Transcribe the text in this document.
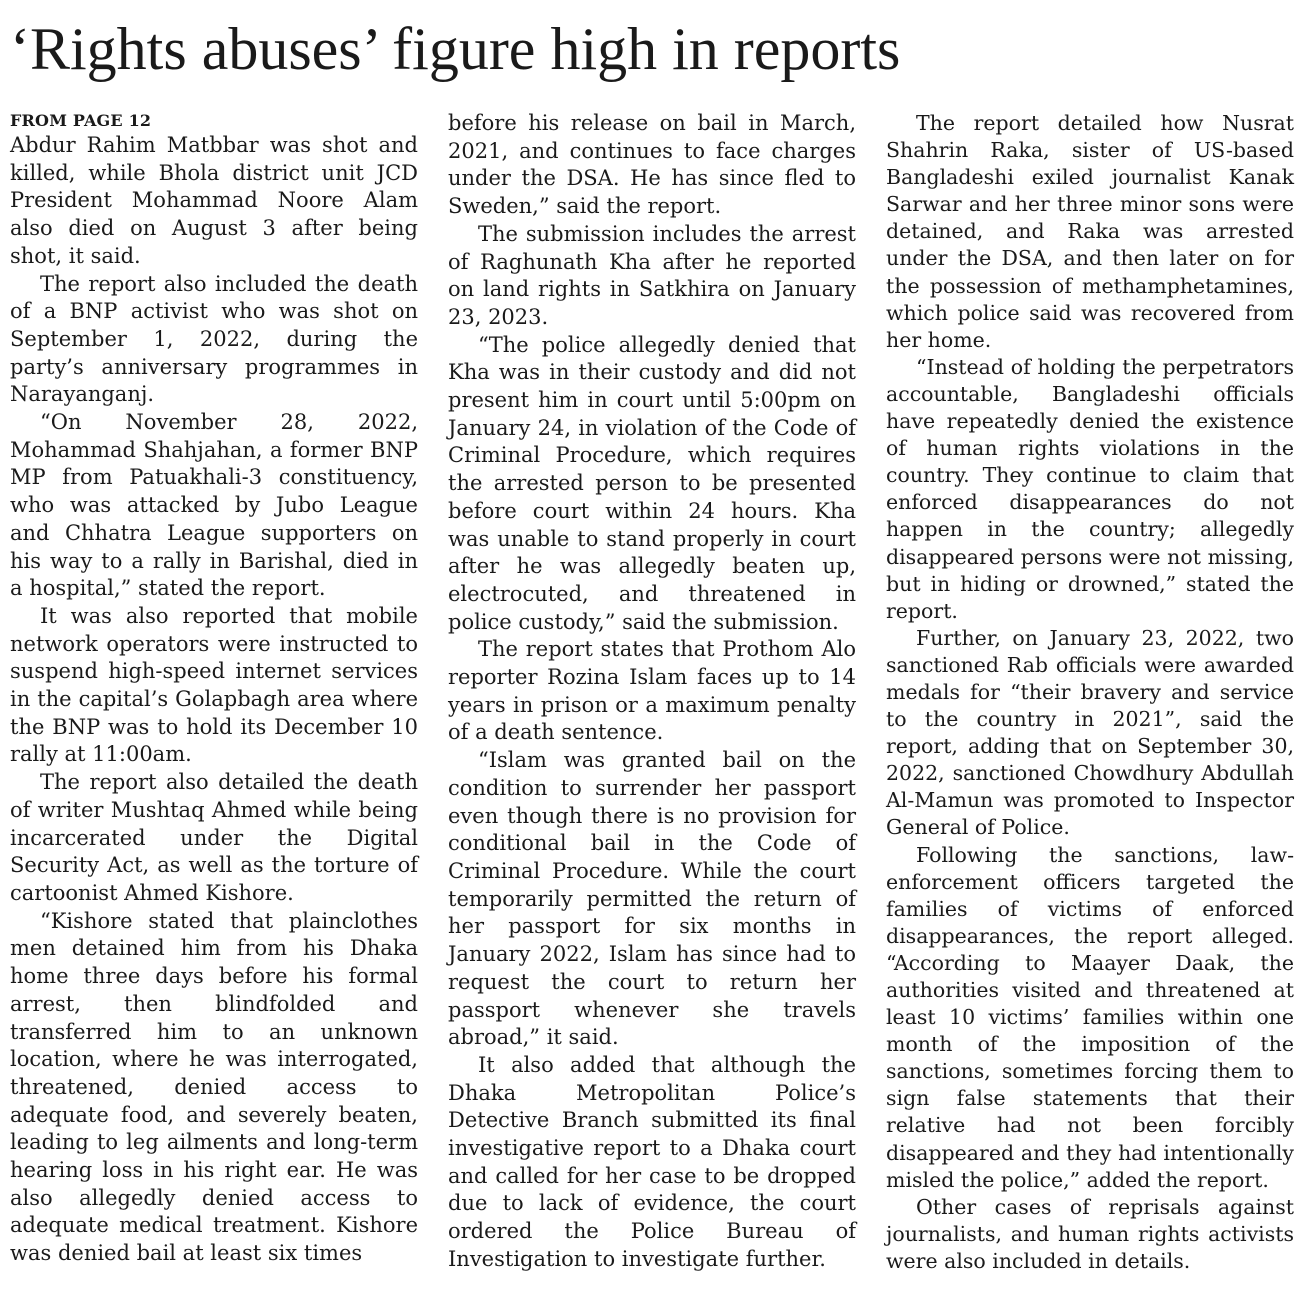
‘Rights abuses’ figure high in reports
FROM PAGE 12

Abdur Rahim Matbbar was shot and killed, while Bhola district unit JCD President Mohammad Noore Alam also died on August 3 after being shot, it said.

The report also included the death of a BNP activist who was shot on September 1, 2022, during the party’s anniversary programmes in Narayanganj.

“On November 28, 2022, Mohammad Shahjahan, a former BNP MP from Patuakhali-3 constituency, who was attacked by Jubo League and Chhatra League supporters on his way to a rally in Barishal, died in a hospital,” stated the report.

It was also reported that mobile network operators were instructed to suspend high-speed internet services in the capital’s Golapbagh area where the BNP was to hold its December 10 rally at 11:00am.

The report also detailed the death of writer Mushtaq Ahmed while being incarcerated under the Digital Security Act, as well as the torture of cartoonist Ahmed Kishore.

“Kishore stated that plainclothes men detained him from his Dhaka home three days before his formal arrest, then blindfolded and transferred him to an unknown location, where he was interrogated, threatened, denied access to adequate food, and severely beaten, leading to leg ailments and long-term hearing loss in his right ear. He was also allegedly denied access to adequate medical treatment. Kishore was denied bail at least six times

before his release on bail in March, 2021, and continues to face charges under the DSA. He has since fled to Sweden,” said the report.

The submission includes the arrest of Raghunath Kha after he reported on land rights in Satkhira on January 23, 2023.

“The police allegedly denied that Kha was in their custody and did not present him in court until 5:00pm on January 24, in violation of the Code of Criminal Procedure, which requires the arrested person to be presented before court within 24 hours. Kha was unable to stand properly in court after he was allegedly beaten up, electrocuted, and threatened in police custody,” said the submission.

The report states that Prothom Alo reporter Rozina Islam faces up to 14 years in prison or a maximum penalty of a death sentence.

“Islam was granted bail on the condition to surrender her passport even though there is no provision for conditional bail in the Code of Criminal Procedure. While the court temporarily permitted the return of her passport for six months in January 2022, Islam has since had to request the court to return her passport whenever she travels abroad,” it said.

It also added that although the Dhaka Metropolitan Police’s Detective Branch submitted its final investigative report to a Dhaka court and called for her case to be dropped due to lack of evidence, the court ordered the Police Bureau of Investigation to investigate further.

The report detailed how Nusrat Shahrin Raka, sister of US-based Bangladeshi exiled journalist Kanak Sarwar and her three minor sons were detained, and Raka was arrested under the DSA, and then later on for the possession of methamphetamines, which police said was recovered from her home.

“Instead of holding the perpetrators accountable, Bangladeshi officials have repeatedly denied the existence of human rights violations in the country. They continue to claim that enforced disappearances do not happen in the country; allegedly disappeared persons were not missing, but in hiding or drowned,” stated the report.

Further, on January 23, 2022, two sanctioned Rab officials were awarded medals for “their bravery and service to the country in 2021”, said the report, adding that on September 30, 2022, sanctioned Chowdhury Abdullah Al-Mamun was promoted to Inspector General of Police.

Following the sanctions, law-enforcement officers targeted the families of victims of enforced disappearances, the report alleged. “According to Maayer Daak, the authorities visited and threatened at least 10 victims’ families within one month of the imposition of the sanctions, sometimes forcing them to sign false statements that their relative had not been forcibly disappeared and they had intentionally misled the police,” added the report.

Other cases of reprisals against journalists, and human rights activists were also included in details.
